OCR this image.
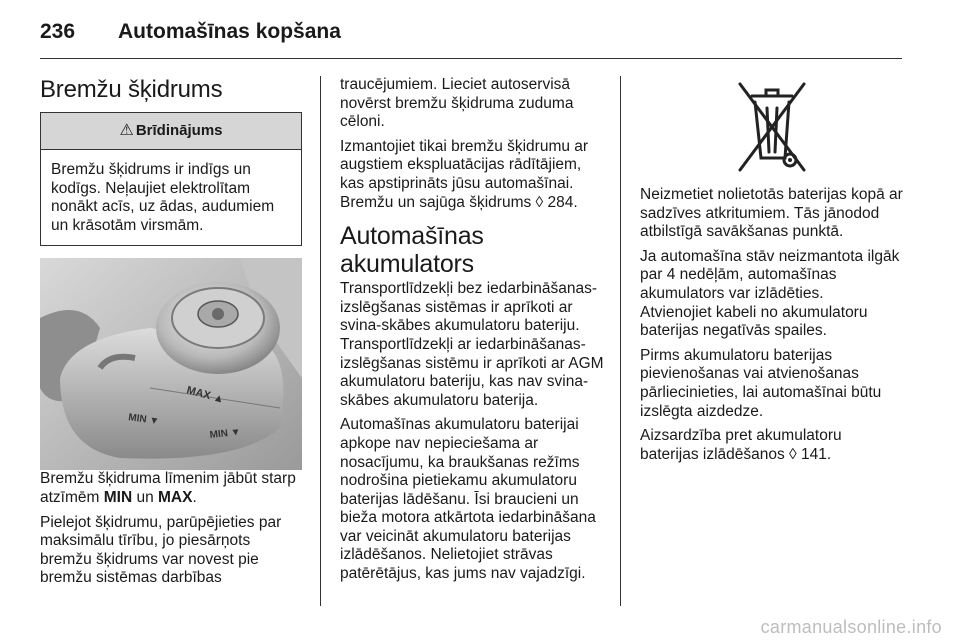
236 Automašīnas kopšana
Bremžu šķidrums
⚠ Brīdinājums
Bremžu šķidrums ir indīgs un kodīgs. Neļaujiet elektrolītam nonākt acīs, uz ādas, audumiem un krāsotām virsmām.
MAX ▲
MIN ▼
MIN ▼

Bremžu šķidruma līmenim jābūt starp atzīmēm MIN un MAX.

Pielejot šķidrumu, parūpējieties par maksimālu tīrību, jo piesārņots bremžu šķidrums var novest pie bremžu sistēmas darbības

traucējumiem. Lieciet autoservisā novērst bremžu šķidruma zuduma cēloni.

Izmantojiet tikai bremžu šķidrumu ar augstiem ekspluatācijas rādītājiem, kas apstiprināts jūsu automašīnai. Bremžu un sajūga šķidrums ◊ 284.

Automašīnas akumulators

Transportlīdzekļi bez iedarbināšanas-izslēgšanas sistēmas ir aprīkoti ar svina-skābes akumulatoru bateriju.

Transportlīdzekļi ar iedarbināšanas-izslēgšanas sistēmu ir aprīkoti ar AGM akumulatoru bateriju, kas nav svina-skābes akumulatoru baterija.

Automašīnas akumulatoru baterijai apkope nav nepieciešama ar nosacījumu, ka braukšanas režīms nodrošina pietiekamu akumulatoru baterijas lādēšanu. Īsi braucieni un bieža motora atkārtota iedarbināšana var veicināt akumulatoru baterijas izlādēšanos. Nelietojiet strāvas patērētājus, kas jums nav vajadzīgi.

Neizmetiet nolietotās baterijas kopā ar sadzīves atkritumiem. Tās jānodod atbilstīgā savākšanas punktā.

Ja automašīna stāv neizmantota ilgāk par 4 nedēļām, automašīnas akumulators var izlādēties.

Atvienojiet kabeli no akumulatoru baterijas negatīvās spailes.

Pirms akumulatoru baterijas pievienošanas vai atvienošanas pārliecinieties, lai automašīnai būtu izslēgta aizdedze.

Aizsardzība pret akumulatoru baterijas izlādēšanos ◊ 141.

carmanualsonline.info
